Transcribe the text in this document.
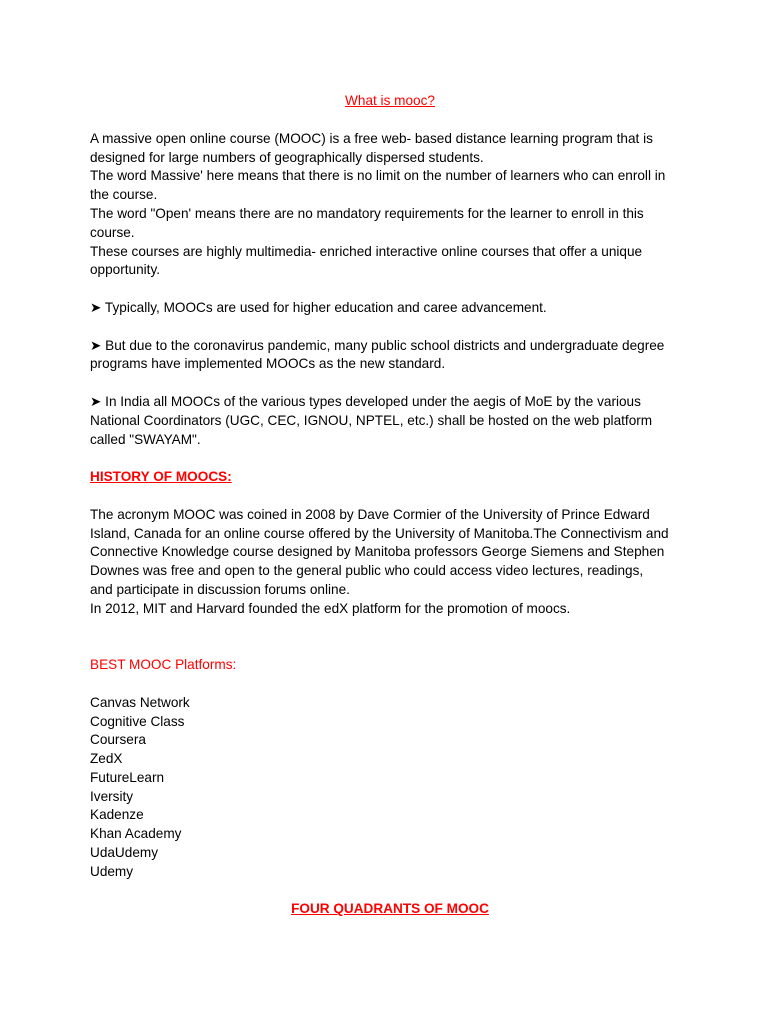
What is mooc?

A massive open online course (MOOC) is a free web- based distance learning program that is
designed for large numbers of geographically dispersed students.
The word Massive' here means that there is no limit on the number of learners who can enroll in
the course.
The word "Open' means there are no mandatory requirements for the learner to enroll in this
course.
These courses are highly multimedia- enriched interactive online courses that offer a unique
opportunity.
➤ Typically, MOOCs are used for higher education and caree advancement.
➤ But due to the coronavirus pandemic, many public school districts and undergraduate degree
programs have implemented MOOCs as the new standard.
➤ In India all MOOCs of the various types developed under the aegis of MoE by the various
National Coordinators (UGC, CEC, IGNOU, NPTEL, etc.) shall be hosted on the web platform
called "SWAYAM".

HISTORY OF MOOCS:

The acronym MOOC was coined in 2008 by Dave Cormier of the University of Prince Edward
Island, Canada for an online course offered by the University of Manitoba.The Connectivism and
Connective Knowledge course designed by Manitoba professors George Siemens and Stephen
Downes was free and open to the general public who could access video lectures, readings,
and participate in discussion forums online.
In 2012, MIT and Harvard founded the edX platform for the promotion of moocs.

BEST MOOC Platforms:

Canvas Network
Cognitive Class
Coursera
ZedX
FutureLearn
Iversity
Kadenze
Khan Academy
UdaUdemy
Udemy

FOUR QUADRANTS OF MOOC
